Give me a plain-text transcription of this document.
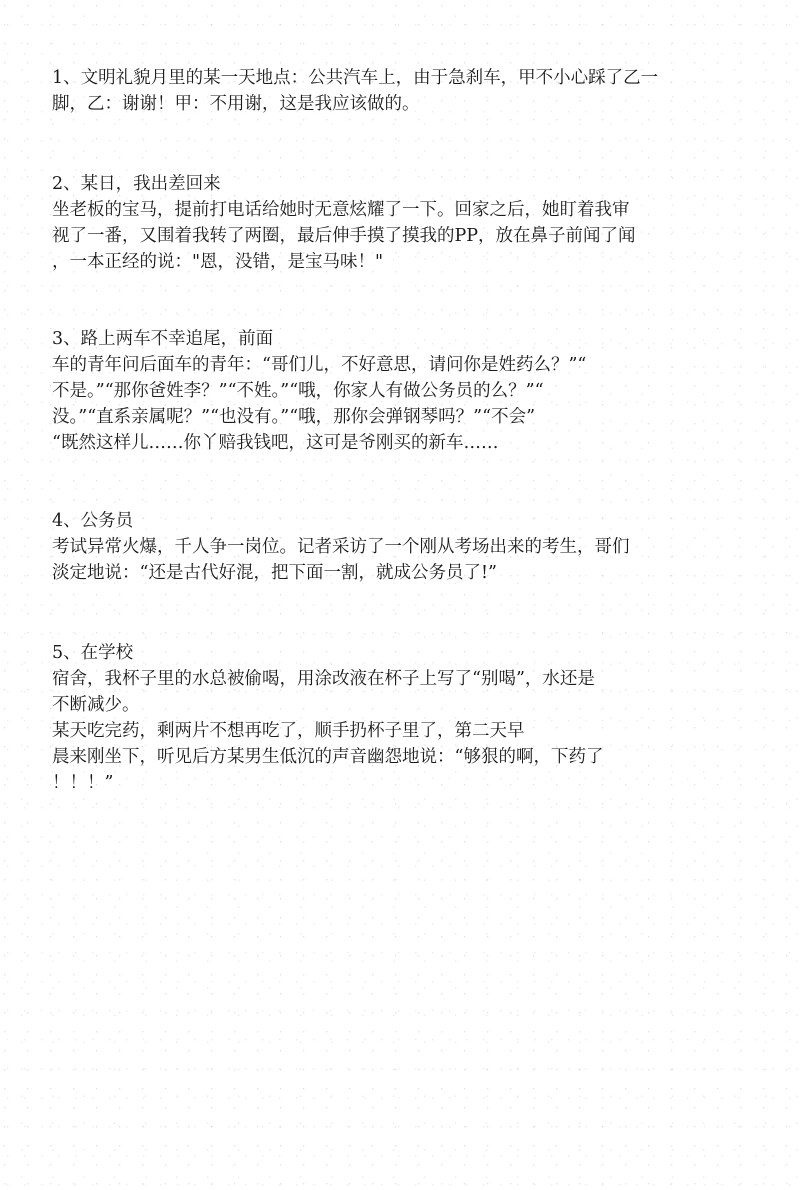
1、文明礼貌月里的某一天地点：公共汽车上，由于急刹车，甲不小心踩了乙一
脚，乙：谢谢！甲：不用谢，这是我应该做的。
2、某日，我出差回来
坐老板的宝马，提前打电话给她时无意炫耀了一下。回家之后，她盯着我审
视了一番，又围着我转了两圈，最后伸手摸了摸我的PP，放在鼻子前闻了闻
，一本正经的说："恩，没错，是宝马味！"
3、路上两车不幸追尾，前面
车的青年问后面车的青年：“哥们儿，不好意思，请问你是姓药么？”“
不是。”“那你爸姓李？”“不姓。”“哦，你家人有做公务员的么？”“
没。”“直系亲属呢？”“也没有。”“哦，那你会弹钢琴吗？”“不会”
“既然这样儿……你丫赔我钱吧，这可是爷刚买的新车……
4、公务员
考试异常火爆，千人争一岗位。记者采访了一个刚从考场出来的考生，哥们
淡定地说：“还是古代好混，把下面一割，就成公务员了!”
5、在学校
宿舍，我杯子里的水总被偷喝，用涂改液在杯子上写了“别喝”，水还是
不断减少。
某天吃完药，剩两片不想再吃了，顺手扔杯子里了，第二天早
晨来刚坐下，听见后方某男生低沉的声音幽怨地说：“够狠的啊，下药了
！！！”
